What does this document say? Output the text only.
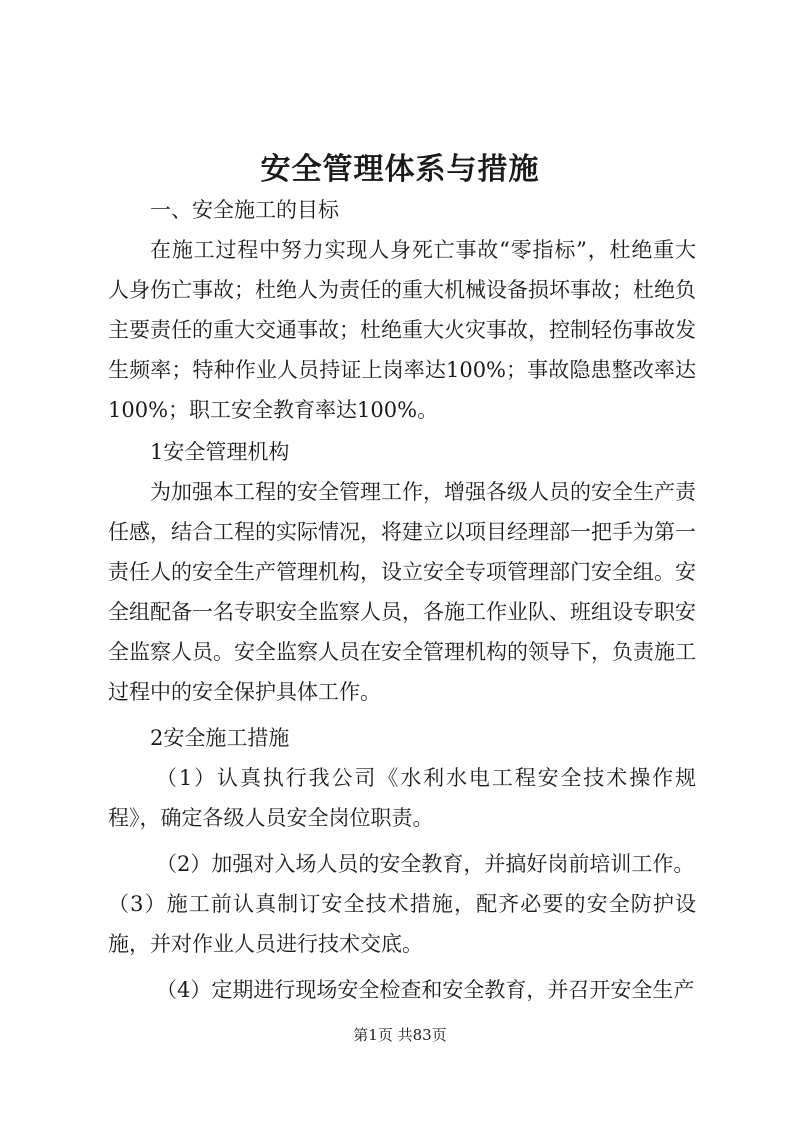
安全管理体系与措施

一、安全施工的目标

在施工过程中努力实现人身死亡事故“零指标”，杜绝重大人身伤亡事故；杜绝人为责任的重大机械设备损坏事故；杜绝负主要责任的重大交通事故；杜绝重大火灾事故，控制轻伤事故发生频率；特种作业人员持证上岗率达100%；事故隐患整改率达100%；职工安全教育率达100%。

1安全管理机构

为加强本工程的安全管理工作，增强各级人员的安全生产责任感，结合工程的实际情况，将建立以项目经理部一把手为第一责任人的安全生产管理机构，设立安全专项管理部门安全组。安全组配备一名专职安全监察人员，各施工作业队、班组设专职安全监察人员。安全监察人员在安全管理机构的领导下，负责施工过程中的安全保护具体工作。

2安全施工措施

（1）认真执行我公司《水利水电工程安全技术操作规程》，确定各级人员安全岗位职责。

（2）加强对入场人员的安全教育，并搞好岗前培训工作。

（3）施工前认真制订安全技术措施，配齐必要的安全防护设施，并对作业人员进行技术交底。

（4）定期进行现场安全检查和安全教育，并召开安全生产

第1页 共83页
